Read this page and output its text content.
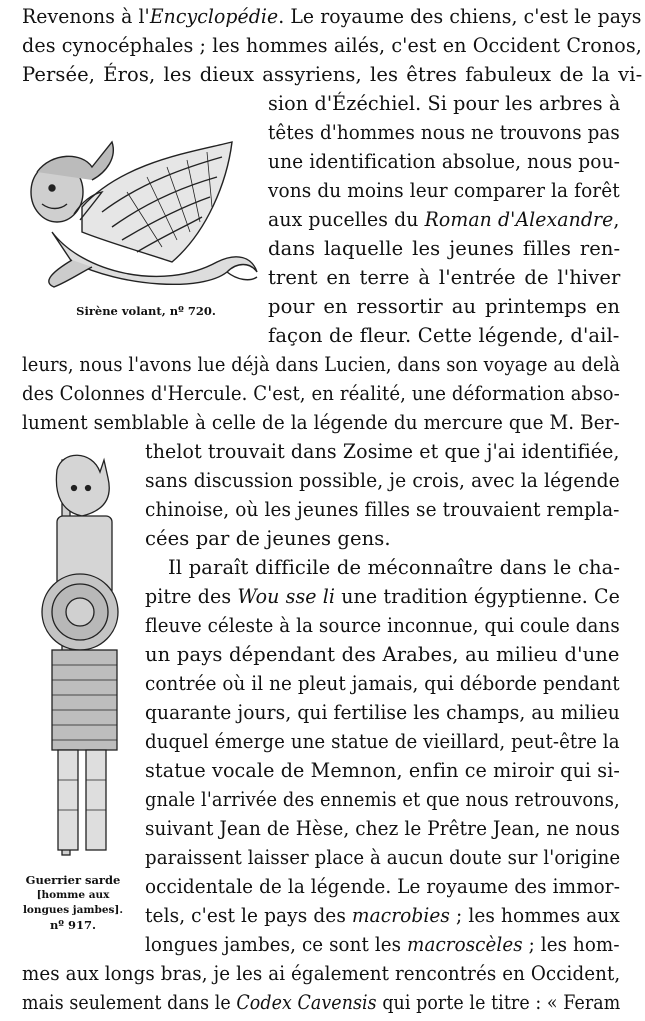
Sirène volant, nº 720.
Guerrier sarde
[homme aux
longues jambes].
nº 917.
Revenons à l'Encyclopédie. Le royaume des chiens, c'est le pays
des cynocéphales ; les hommes ailés, c'est en Occident Cronos,
Persée, Éros, les dieux assyriens, les êtres fabuleux de la vi-
sion d'Ézéchiel. Si pour les arbres à
têtes d'hommes nous ne trouvons pas
une identification absolue, nous pou-
vons du moins leur comparer la forêt
aux pucelles du Roman d'Alexandre,
dans laquelle les jeunes filles ren-
trent en terre à l'entrée de l'hiver
pour en ressortir au printemps en
façon de fleur. Cette légende, d'ail-
leurs, nous l'avons lue déjà dans Lucien, dans son voyage au delà
des Colonnes d'Hercule. C'est, en réalité, une déformation abso-
lument semblable à celle de la légende du mercure que M. Ber-
thelot trouvait dans Zosime et que j'ai identifiée,
sans discussion possible, je crois, avec la légende
chinoise, où les jeunes filles se trouvaient rempla-
cées par de jeunes gens.
Il paraît difficile de méconnaître dans le cha-
pitre des Wou sse li une tradition égyptienne. Ce
fleuve céleste à la source inconnue, qui coule dans
un pays dépendant des Arabes, au milieu d'une
contrée où il ne pleut jamais, qui déborde pendant
quarante jours, qui fertilise les champs, au milieu
duquel émerge une statue de vieillard, peut-être la
statue vocale de Memnon, enfin ce miroir qui si-
gnale l'arrivée des ennemis et que nous retrouvons,
suivant Jean de Hèse, chez le Prêtre Jean, ne nous
paraissent laisser place à aucun doute sur l'origine
occidentale de la légende. Le royaume des immor-
tels, c'est le pays des macrobies ; les hommes aux
longues jambes, ce sont les macroscèles ; les hom-
mes aux longs bras, je les ai également rencontrés en Occident,
mais seulement dans le Codex Cavensis qui porte le titre : « Feram
